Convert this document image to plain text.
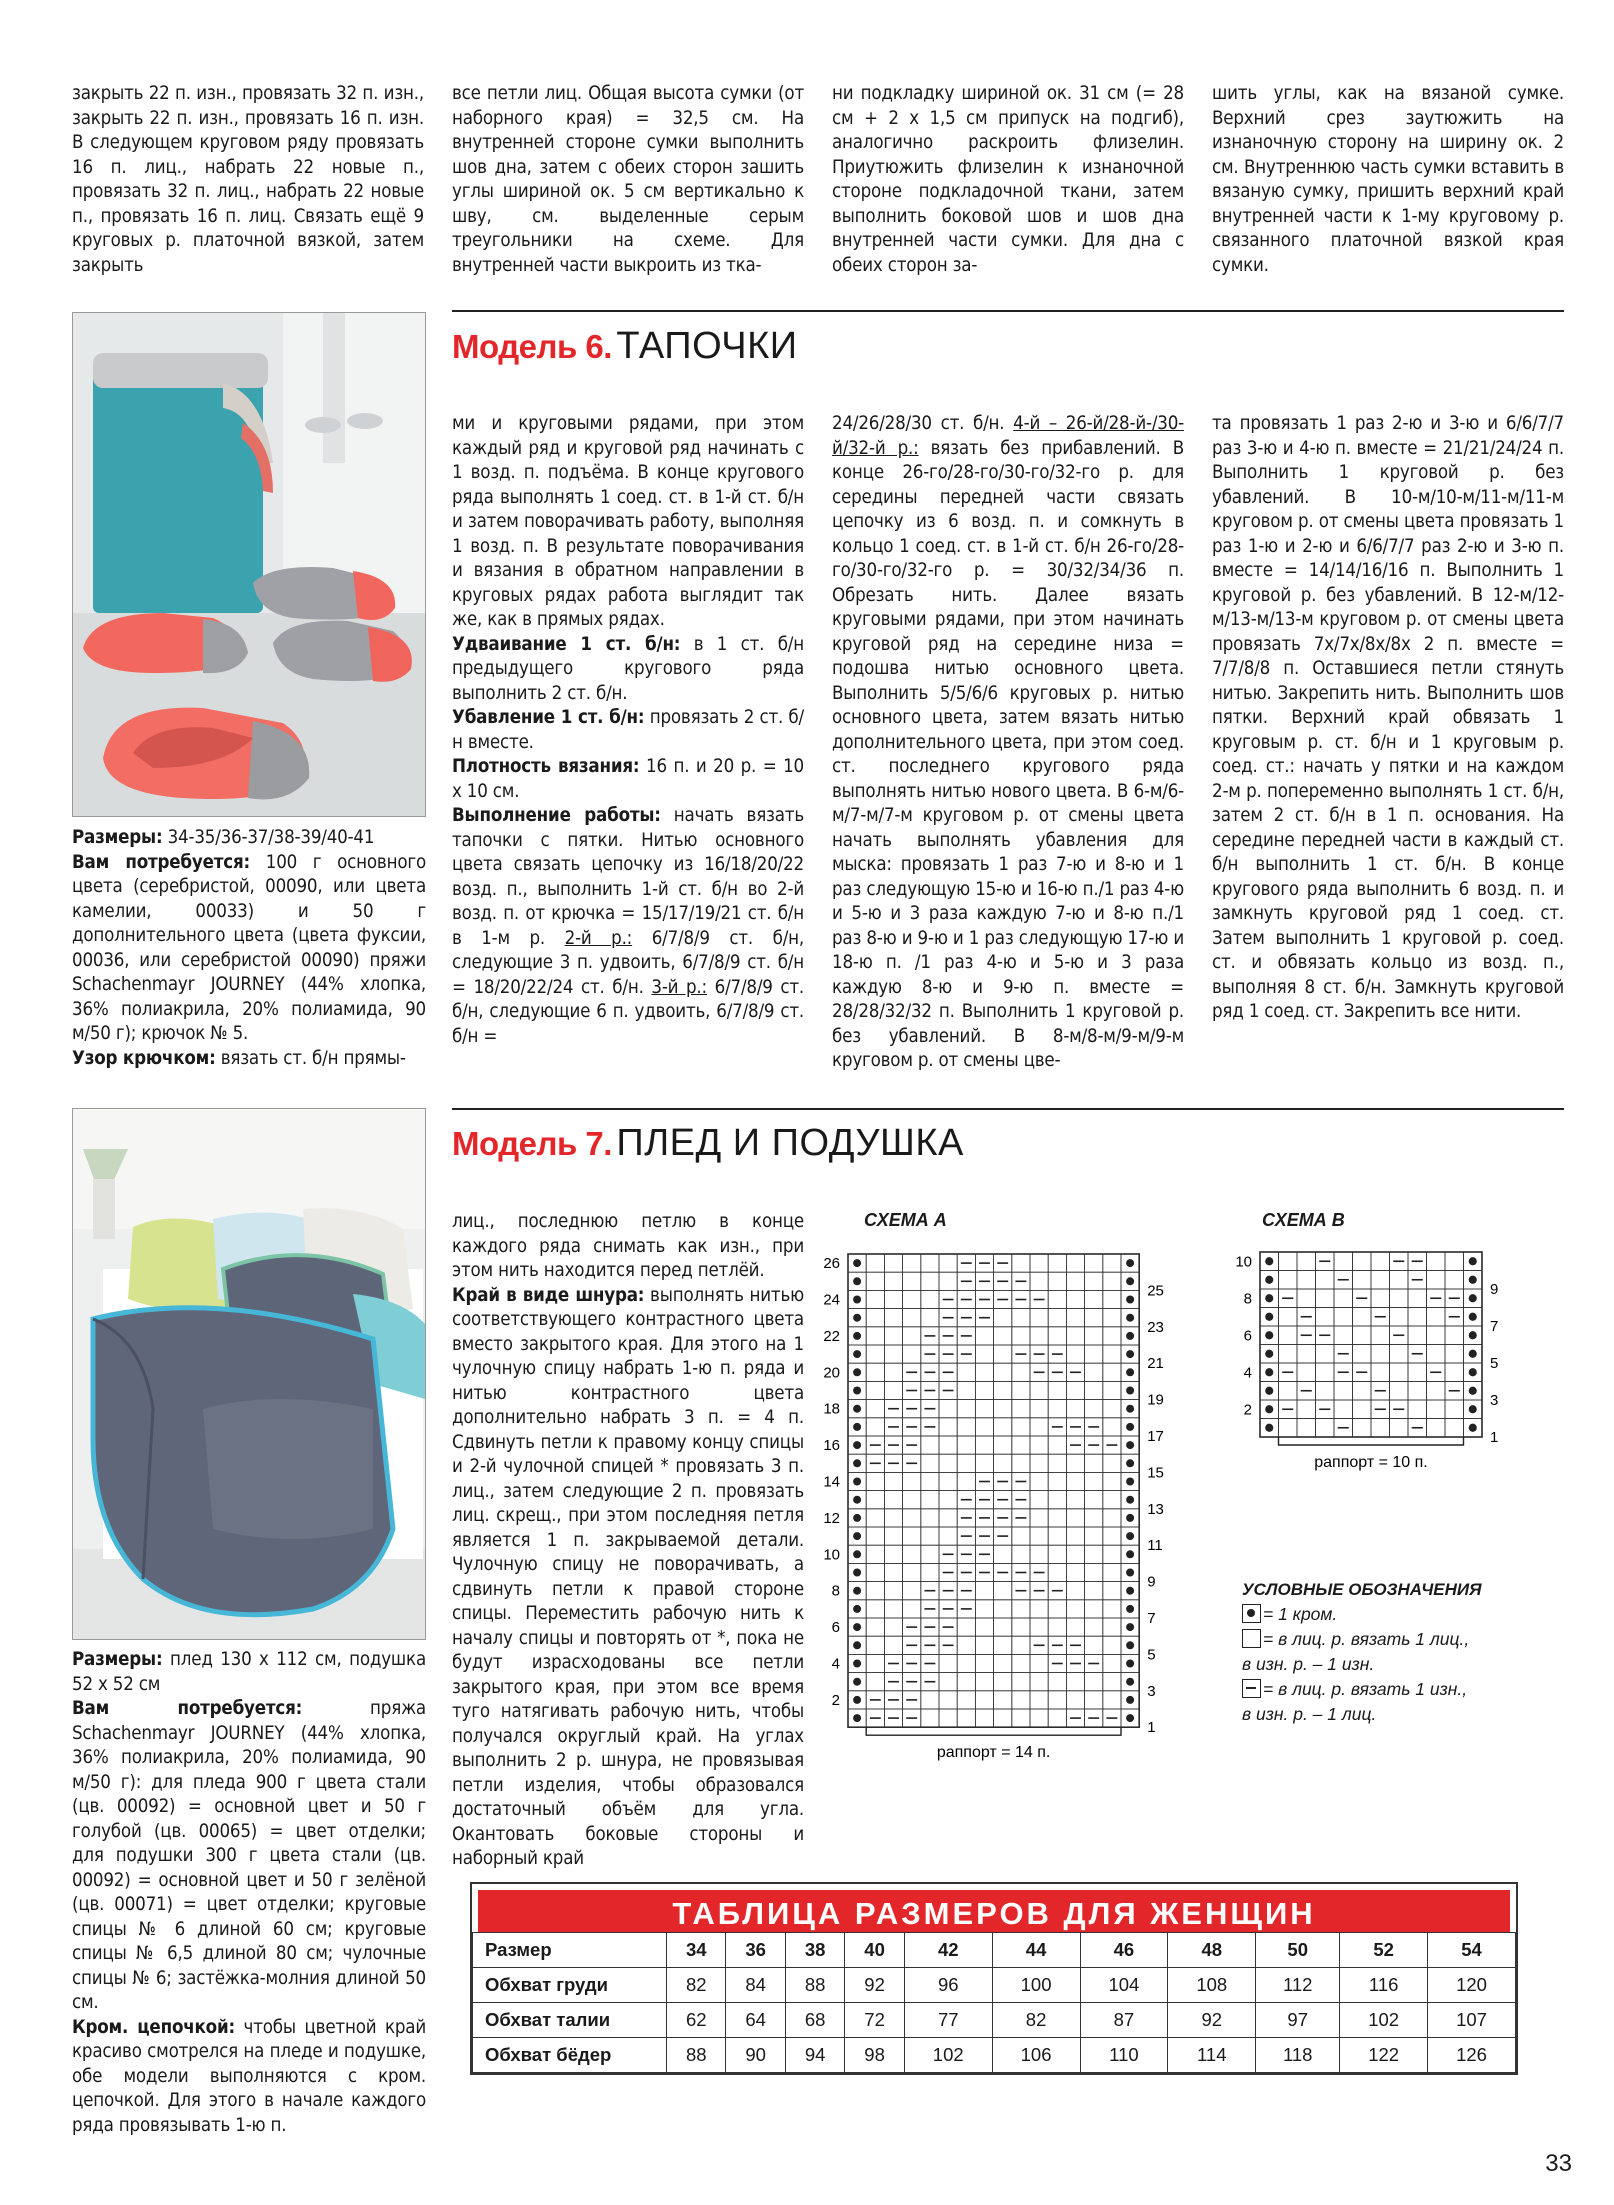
закрыть 22 п. изн., провязать 32 п. изн., закрыть 22 п. изн., провязать 16 п. изн. В следующем круговом ряду провязать 16 п. лиц., набрать 22 новые п., провязать 32 п. лиц., набрать 22 новые п., провязать 16 п. лиц. Связать ещё 9 круговых р. платочной вязкой, затем закрыть
все петли лиц. Общая высота сумки (от наборного края) = 32,5 см. На внутренней стороне сумки выполнить шов дна, затем с обеих сторон зашить углы шириной ок. 5 см вертикально к шву, см. выделенные серым треугольники на схеме. Для внутренней части выкроить из тка-
ни подкладку шириной ок. 31 см (= 28 см + 2 х 1,5 см припуск на подгиб), аналогично раскроить флизелин. Приутюжить флизелин к изнаночной стороне подкладочной ткани, затем выполнить боковой шов и шов дна внутренней части сумки. Для дна с обеих сторон за-
шить углы, как на вязаной сумке. Верхний срез заутюжить на изнаночную сторону на ширину ок. 2 см. Внутреннюю часть сумки вставить в вязаную сумку, пришить верхний край внутренней части к 1-му круговому р. связанного платочной вязкой края сумки.
Модель 6. ТАПОЧКИ
Размеры: 34-35/36-37/38-39/40-41
Вам потребуется: 100 г основного цвета (серебристой, 00090, или цвета камелии, 00033) и 50 г дополнительного цвета (цвета фуксии, 00036, или серебристой 00090) пряжи Schachenmayr JOURNEY (44% хлопка, 36% полиакрила, 20% полиамида, 90 м/50 г); крючок № 5.
Узор крючком: вязать ст. б/н прямы-
ми и круговыми рядами, при этом каждый ряд и круговой ряд начинать с 1 возд. п. подъёма. В конце кругового ряда выполнять 1 соед. ст. в 1-й ст. б/н и затем поворачивать работу, выполняя 1 возд. п. В результате поворачивания и вязания в обратном направлении в круговых рядах работа выглядит так же, как в прямых рядах.
Удваивание 1 ст. б/н: в 1 ст. б/н предыдущего кругового ряда выполнить 2 ст. б/н.
Убавление 1 ст. б/н: провязать 2 ст. б/н вместе.
Плотность вязания: 16 п. и 20 р. = 10 х 10 см.
Выполнение работы: начать вязать тапочки с пятки. Нитью основного цвета связать цепочку из 16/18/20/22 возд. п., выполнить 1-й ст. б/н во 2-й возд. п. от крючка = 15/17/19/21 ст. б/н в 1-м р. 2-й р.: 6/7/8/9 ст. б/н, следующие 3 п. удвоить, 6/7/8/9 ст. б/н = 18/20/22/24 ст. б/н. 3-й р.: 6/7/8/9 ст. б/н, следующие 6 п. удвоить, 6/7/8/9 ст. б/н =
24/26/28/30 ст. б/н. 4-й – 26-й/28-й-/30-й/32-й р.: вязать без прибавлений. В конце 26-го/28-го/30-го/32-го р. для середины передней части связать цепочку из 6 возд. п. и сомкнуть в кольцо 1 соед. ст. в 1-й ст. б/н 26-го/28-го/30-го/32-го р. = 30/32/34/36 п. Обрезать нить. Далее вязать круговыми рядами, при этом начинать круговой ряд на середине низа = подошва нитью основного цвета. Выполнить 5/5/6/6 круговых р. нитью основного цвета, затем вязать нитью дополнительного цвета, при этом соед. ст. последнего кругового ряда выполнять нитью нового цвета. В 6-м/6-м/7-м/7-м круговом р. от смены цвета начать выполнять убавления для мыска: провязать 1 раз 7-ю и 8-ю и 1 раз следующую 15-ю и 16-ю п./1 раз 4-ю и 5-ю и 3 раза каждую 7-ю и 8-ю п./1 раз 8-ю и 9-ю и 1 раз следующую 17-ю и 18-ю п. /1 раз 4-ю и 5-ю и 3 раза каждую 8-ю и 9-ю п. вместе = 28/28/32/32 п. Выполнить 1 круговой р. без убавлений. В 8-м/8-м/9-м/9-м круговом р. от смены цве-
та провязать 1 раз 2-ю и 3-ю и 6/6/7/7 раз 3-ю и 4-ю п. вместе = 21/21/24/24 п. Выполнить 1 круговой р. без убавлений. В 10-м/10-м/11-м/11-м круговом р. от смены цвета провязать 1 раз 1-ю и 2-ю и 6/6/7/7 раз 2-ю и 3-ю п. вместе = 14/14/16/16 п. Выполнить 1 круговой р. без убавлений. В 12-м/12-м/13-м/13-м круговом р. от смены цвета провязать 7х/7х/8х/8х 2 п. вместе = 7/7/8/8 п. Оставшиеся петли стянуть нитью. Закрепить нить. Выполнить шов пятки. Верхний край обвязать 1 круговым р. ст. б/н и 1 круговым р. соед. ст.: начать у пятки и на каждом 2-м р. попеременно выполнять 1 ст. б/н, затем 2 ст. б/н в 1 п. основания. На середине передней части в каждый ст. б/н выполнить 1 ст. б/н. В конце кругового ряда выполнить 6 возд. п. и замкнуть круговой ряд 1 соед. ст. Затем выполнить 1 круговой р. соед. ст. и обвязать кольцо из возд. п., выполняя 8 ст. б/н. Замкнуть круговой ряд 1 соед. ст. Закрепить все нити.
Модель 7. ПЛЕД И ПОДУШКА
Размеры: плед 130 х 112 см, подушка 52 х 52 см
Вам потребуется: пряжа Schachenmayr JOURNEY (44% хлопка, 36% полиакрила, 20% полиамида, 90 м/50 г): для пледа 900 г цвета стали (цв. 00092) = основной цвет и 50 г голубой (цв. 00065) = цвет отделки; для подушки 300 г цвета стали (цв. 00092) = основной цвет и 50 г зелёной (цв. 00071) = цвет отделки; круговые спицы № 6 длиной 60 см; круговые спицы № 6,5 длиной 80 см; чулочные спицы № 6; застёжка-молния длиной 50 см.
Кром. цепочкой: чтобы цветной край красиво смотрелся на пледе и подушке, обе модели выполняются с кром. цепочкой. Для этого в начале каждого ряда провязывать 1-ю п.
лиц., последнюю петлю в конце каждого ряда снимать как изн., при этом нить находится перед петлёй.
Край в виде шнура: выполнять нитью соответствующего контрастного цвета вместо закрытого края. Для этого на 1 чулочную спицу набрать 1-ю п. ряда и нитью контрастного цвета дополнительно набрать 3 п. = 4 п. Сдвинуть петли к правому концу спицы и 2-й чулочной спицей * провязать 3 п. лиц., затем следующие 2 п. провязать лиц. скрещ., при этом последняя петля является 1 п. закрываемой детали. Чулочную спицу не поворачивать, а сдвинуть петли к правой стороне спицы. Переместить рабочую нить к началу спицы и повторять от *, пока не будут израсходованы все петли закрытого края, при этом все время туго натягивать рабочую нить, чтобы получался округлый край. На углах выполнить 2 р. шнура, не провязывая петли изделия, чтобы образовался достаточный объём для угла. Окантовать боковые стороны и наборный край
СХЕМА А
26
25
24
23
22
21
20
19
18
17
16
15
14
13
12
11
10
9
8
7
6
5
4
3
2
1
раппорт = 14 п.
СХЕМА В
10
9
8
7
6
5
4
3
2
1
раппорт = 10 п.
УСЛОВНЫЕ ОБОЗНАЧЕНИЯ
= 1 кром.
= в лиц. р. вязать 1 лиц.,
в изн. р. – 1 изн.
= в лиц. р. вязать 1 изн.,
в изн. р. – 1 лиц.
ТАБЛИЦА РАЗМЕРОВ ДЛЯ ЖЕНЩИН
Размер	34	36	38	40	42	44	46	48	50	52	54
Обхват груди	82	84	88	92	96	100	104	108	112	116	120
Обхват талии	62	64	68	72	77	82	87	92	97	102	107
Обхват бёдер	88	90	94	98	102	106	110	114	118	122	126
33
